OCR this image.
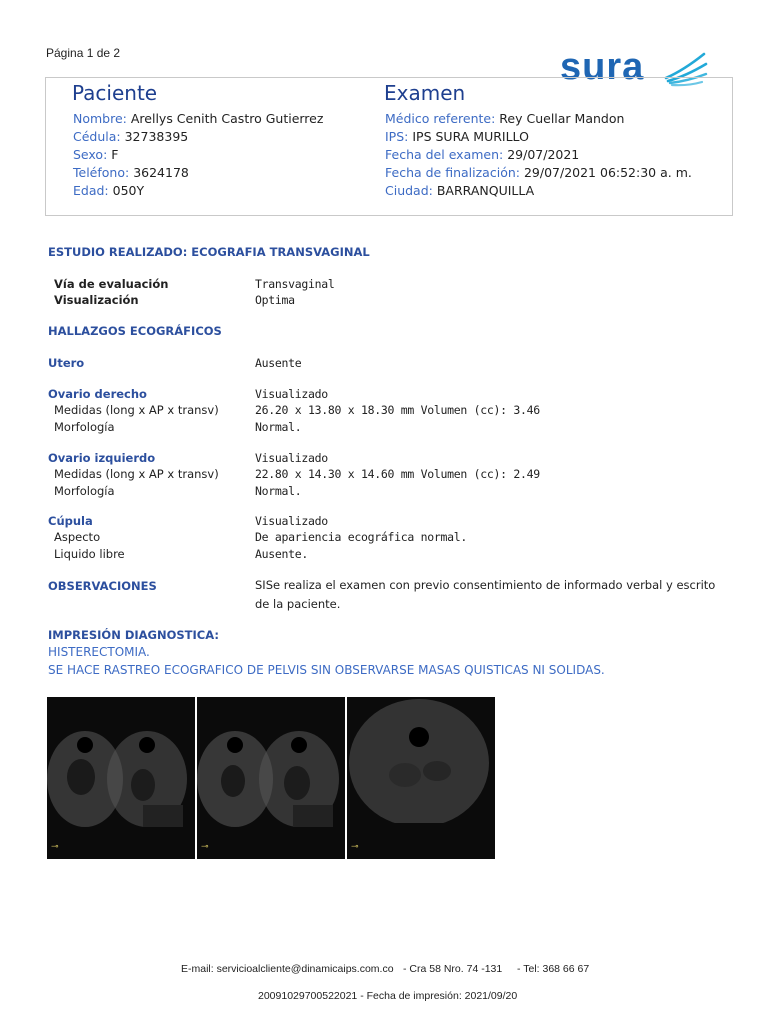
Página 1 de 2	sura
Paciente
Nombre: Arellys Cenith Castro Gutierrez
Cédula: 32738395
Sexo: F
Teléfono: 3624178
Edad: 050Y
Examen
Médico referente: Rey Cuellar Mandon
IPS: IPS SURA MURILLO
Fecha del examen: 29/07/2021
Fecha de finalización: 29/07/2021 06:52:30 a. m.
Ciudad: BARRANQUILLA
ESTUDIO REALIZADO: ECOGRAFIA TRANSVAGINAL
Vía de evaluación	Transvaginal
Visualización	Optima
HALLAZGOS ECOGRÁFICOS
Utero	Ausente
Ovario derecho	Visualizado
Medidas (long x AP x transv)	26.20 x 13.80 x 18.30 mm Volumen (cc): 3.46
Morfología	Normal.
Ovario izquierdo	Visualizado
Medidas (long x AP x transv)	22.80 x 14.30 x 14.60 mm Volumen (cc): 2.49
Morfología	Normal.
Cúpula	Visualizado
Aspecto	De apariencia ecográfica normal.
Liquido libre	Ausente.
OBSERVACIONES	SISe realiza el examen con previo consentimiento de informado verbal y escrito
de la paciente.
IMPRESIÓN DIAGNOSTICA:
HISTERECTOMIA.
SE HACE RASTREO ECOGRAFICO DE PELVIS SIN OBSERVARSE MASAS QUISTICAS NI SOLIDAS.
⊸	⊸	⊸
E-mail: servicioalcliente@dinamicaips.com.co - Cra 58 Nro. 74 -131 - Tel: 368 66 67
20091029700522021 - Fecha de impresión: 2021/09/20
